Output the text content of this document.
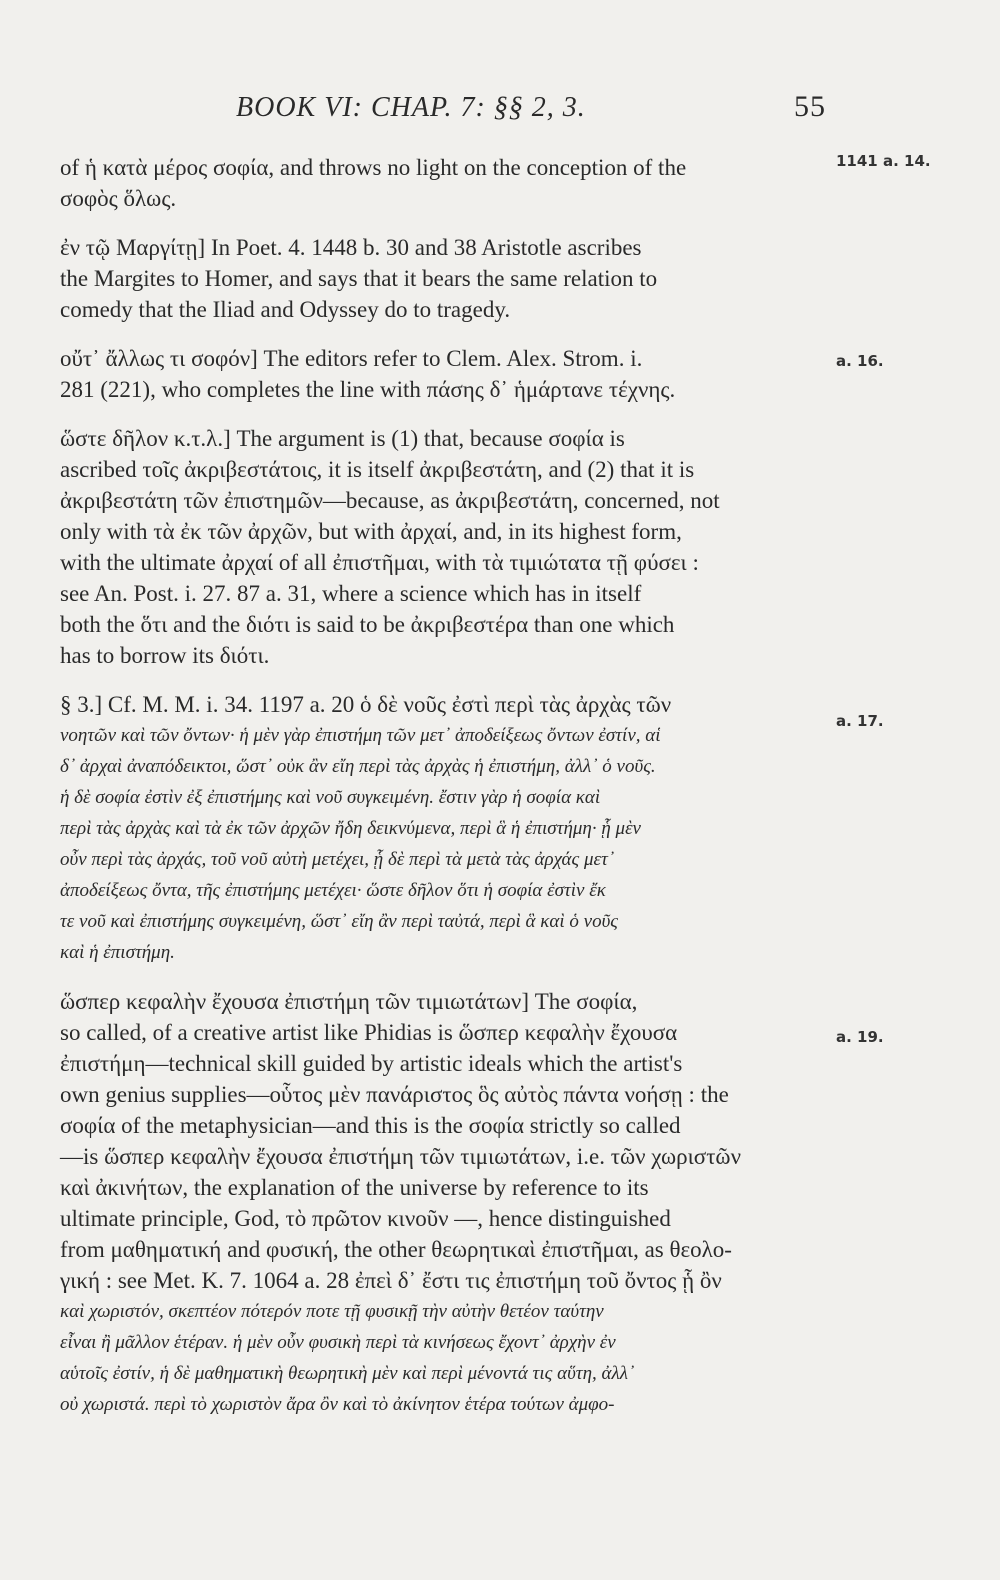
BOOK VI: CHAP. 7: §§ 2, 3.	55
1141 a. 14.
a. 16.
a. 17.
a. 19.
of ἡ κατὰ μέρος σοφία, and throws no light on the conception of the
σοφὸς ὅλως.
ἐν τῷ Μαργίτῃ] In Poet. 4. 1448 b. 30 and 38 Aristotle ascribes
the Margites to Homer, and says that it bears the same relation to
comedy that the Iliad and Odyssey do to tragedy.
οὔτ᾽ ἄλλως τι σοφόν] The editors refer to Clem. Alex. Strom. i.
281 (221), who completes the line with πάσης δ᾽ ἡμάρτανε τέχνης.
ὥστε δῆλον κ.τ.λ.] The argument is (1) that, because σοφία is
ascribed τοῖς ἀκριβεστάτοις, it is itself ἀκριβεστάτη, and (2) that it is
ἀκριβεστάτη τῶν ἐπιστημῶν—because, as ἀκριβεστάτη, concerned, not
only with τὰ ἐκ τῶν ἀρχῶν, but with ἀρχαί, and, in its highest form,
with the ultimate ἀρχαί of all ἐπιστῆμαι, with τὰ τιμιώτατα τῇ φύσει :
see An. Post. i. 27. 87 a. 31, where a science which has in itself
both the ὅτι and the διότι is said to be ἀκριβεστέρα than one which
has to borrow its διότι.
§ 3.] Cf. M. M. i. 34. 1197 a. 20 ὁ δὲ νοῦς ἐστὶ περὶ τὰς ἀρχὰς τῶν
νοητῶν καὶ τῶν ὄντων· ἡ μὲν γὰρ ἐπιστήμη τῶν μετ᾽ ἀποδείξεως ὄντων ἐστίν, αἱ
δ᾽ ἀρχαὶ ἀναπόδεικτοι, ὥστ᾽ οὐκ ἂν εἴη περὶ τὰς ἀρχὰς ἡ ἐπιστήμη, ἀλλ᾽ ὁ νοῦς.
ἡ δὲ σοφία ἐστὶν ἐξ ἐπιστήμης καὶ νοῦ συγκειμένη. ἔστιν γὰρ ἡ σοφία καὶ
περὶ τὰς ἀρχὰς καὶ τὰ ἐκ τῶν ἀρχῶν ἤδη δεικνύμενα, περὶ ἃ ἡ ἐπιστήμη· ᾗ μὲν
οὖν περὶ τὰς ἀρχάς, τοῦ νοῦ αὐτὴ μετέχει, ᾗ δὲ περὶ τὰ μετὰ τὰς ἀρχάς μετ᾽
ἀποδείξεως ὄντα, τῆς ἐπιστήμης μετέχει· ὥστε δῆλον ὅτι ἡ σοφία ἐστὶν ἔκ
τε νοῦ καὶ ἐπιστήμης συγκειμένη, ὥστ᾽ εἴη ἂν περὶ ταὐτά, περὶ ἃ καὶ ὁ νοῦς
καὶ ἡ ἐπιστήμη.
ὥσπερ κεφαλὴν ἔχουσα ἐπιστήμη τῶν τιμιωτάτων] The σοφία,
so called, of a creative artist like Phidias is ὥσπερ κεφαλὴν ἔχουσα
ἐπιστήμη—technical skill guided by artistic ideals which the artist's
own genius supplies—οὗτος μὲν πανάριστος ὃς αὐτὸς πάντα νοήσῃ : the
σοφία of the metaphysician—and this is the σοφία strictly so called
—is ὥσπερ κεφαλὴν ἔχουσα ἐπιστήμη τῶν τιμιωτάτων, i.e. τῶν χωριστῶν
καὶ ἀκινήτων, the explanation of the universe by reference to its
ultimate principle, God, τὸ πρῶτον κινοῦν —, hence distinguished
from μαθηματική and φυσική, the other θεωρητικαὶ ἐπιστῆμαι, as θεολο-
γική : see Met. K. 7. 1064 a. 28 ἐπεὶ δ᾽ ἔστι τις ἐπιστήμη τοῦ ὄντος ᾗ ὂν
καὶ χωριστόν, σκεπτέον πότερόν ποτε τῇ φυσικῇ τὴν αὐτὴν θετέον ταύτην
εἶναι ἢ μᾶλλον ἑτέραν. ἡ μὲν οὖν φυσικὴ περὶ τὰ κινήσεως ἔχοντ᾽ ἀρχὴν ἐν
αὑτοῖς ἐστίν, ἡ δὲ μαθηματικὴ θεωρητικὴ μὲν καὶ περὶ μένοντά τις αὕτη, ἀλλ᾽
οὐ χωριστά. περὶ τὸ χωριστὸν ἄρα ὂν καὶ τὸ ἀκίνητον ἑτέρα τούτων ἀμφο-
